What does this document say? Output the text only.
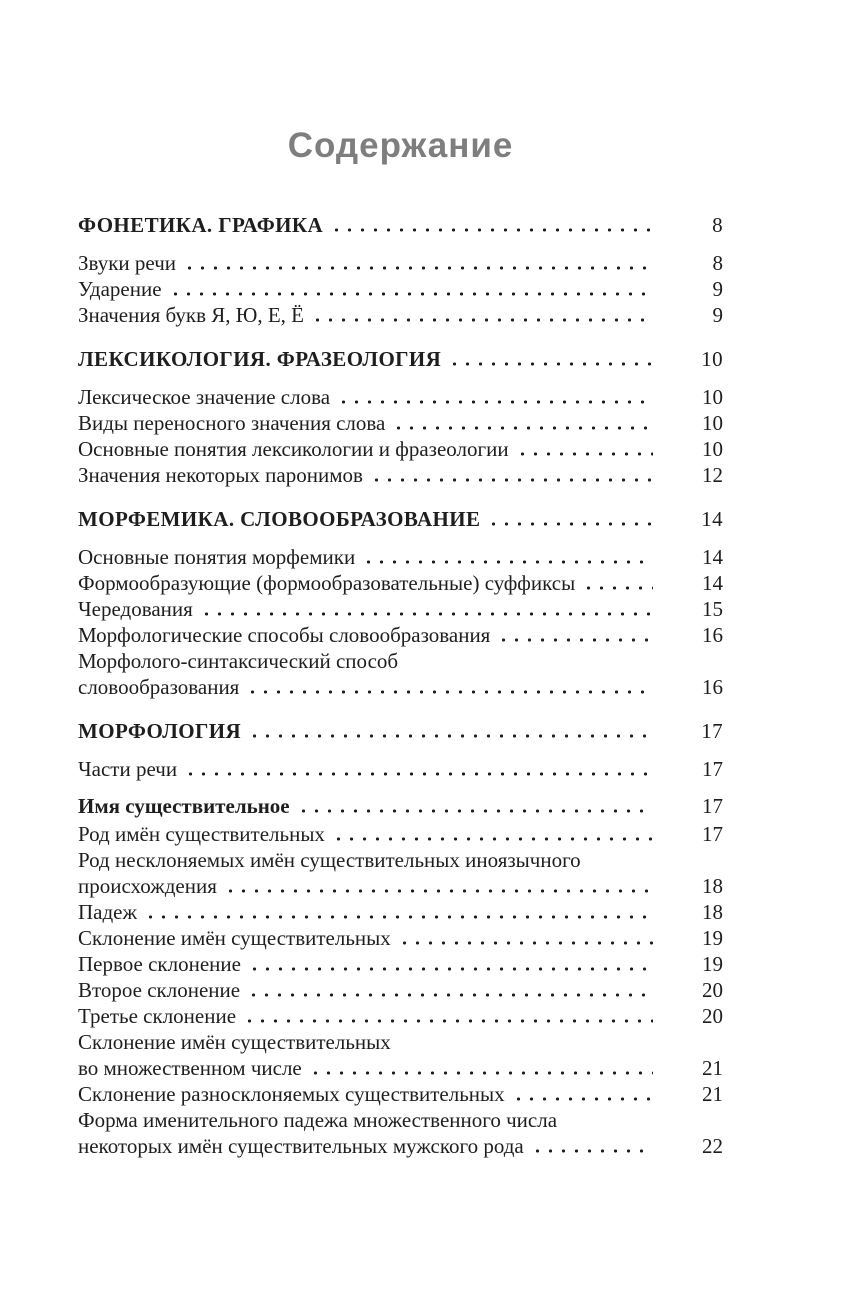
Содержание
ФОНЕТИКА. ГРАФИКА	8
Звуки речи	8
Ударение	9
Значения букв Я, Ю, Е, Ё	9
ЛЕКСИКОЛОГИЯ. ФРАЗЕОЛОГИЯ	10
Лексическое значение слова	10
Виды переносного значения слова	10
Основные понятия лексикологии и фразеологии	10
Значения некоторых паронимов	12
МОРФЕМИКА. СЛОВООБРАЗОВАНИЕ	14
Основные понятия морфемики	14
Формообразующие (формообразовательные) суффиксы	14
Чередования	15
Морфологические способы словообразования	16
Морфолого-синтаксический способ
словообразования	16
МОРФОЛОГИЯ	17
Части речи	17
Имя существительное	17
Род имён существительных	17
Род несклоняемых имён существительных иноязычного
происхождения	18
Падеж	18
Склонение имён существительных	19
Первое склонение	19
Второе склонение	20
Третье склонение	20
Склонение имён существительных
во множественном числе	21
Склонение разносклоняемых существительных	21
Форма именительного падежа множественного числа
некоторых имён существительных мужского рода	22
